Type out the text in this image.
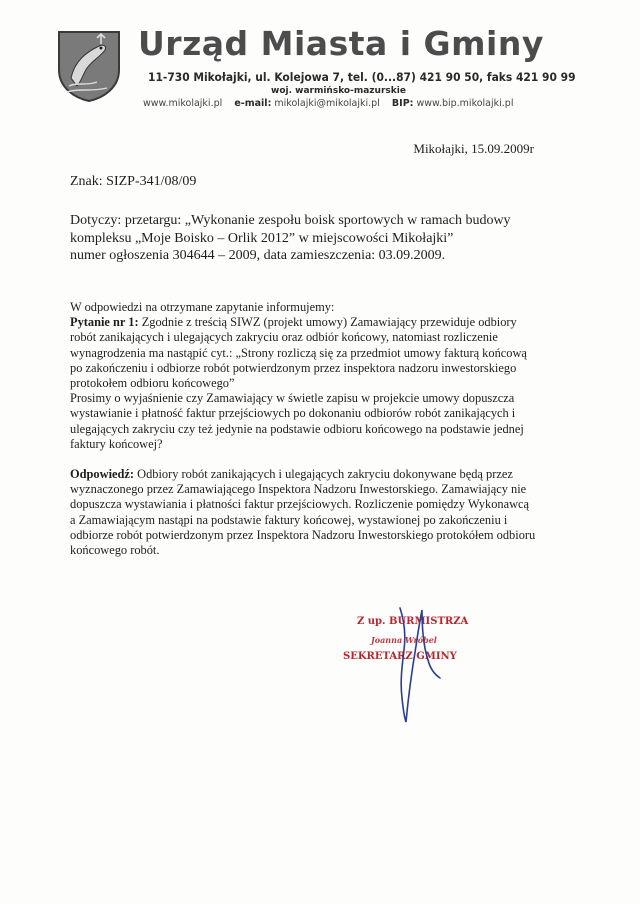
Urząd Miasta i Gminy
11-730 Mikołajki, ul. Kolejowa 7, tel. (0...87) 421 90 50, faks 421 90 99
woj. warmińsko-mazurskie
www.mikolajki.pl e-mail: mikolajki@mikolajki.pl BIP: www.bip.mikolajki.pl
Mikołajki, 15.09.2009r
Znak: SIZP-341/08/09
Dotyczy: przetargu: „Wykonanie zespołu boisk sportowych w ramach budowy
kompleksu „Moje Boisko – Orlik 2012” w miejscowości Mikołajki”
numer ogłoszenia 304644 – 2009, data zamieszczenia: 03.09.2009.

W odpowiedzi na otrzymane zapytanie informujemy:

Pytanie nr 1: Zgodnie z treścią SIWZ (projekt umowy) Zamawiający przewiduje odbiory

robót zanikających i ulegających zakryciu oraz odbiór końcowy, natomiast rozliczenie

wynagrodzenia ma nastąpić cyt.: „Strony rozliczą się za przedmiot umowy fakturą końcową

po zakończeniu i odbiorze robót potwierdzonym przez inspektora nadzoru inwestorskiego

protokołem odbioru końcowego”

Prosimy o wyjaśnienie czy Zamawiający w świetle zapisu w projekcie umowy dopuszcza

wystawianie i płatność faktur przejściowych po dokonaniu odbiorów robót zanikających i

ulegających zakryciu czy też jedynie na podstawie odbioru końcowego na podstawie jednej

faktury końcowej?

Odpowiedź: Odbiory robót zanikających i ulegających zakryciu dokonywane będą przez

wyznaczonego przez Zamawiającego Inspektora Nadzoru Inwestorskiego. Zamawiający nie

dopuszcza wystawiania i płatności faktur przejściowych. Rozliczenie pomiędzy Wykonawcą

a Zamawiającym nastąpi na podstawie faktury końcowej, wystawionej po zakończeniu i

odbiorze robót potwierdzonym przez Inspektora Nadzoru Inwestorskiego protokółem odbioru

końcowego robót.

Z up. BURMISTRZA
Joanna Wróbel
SEKRETARZ GMINY
